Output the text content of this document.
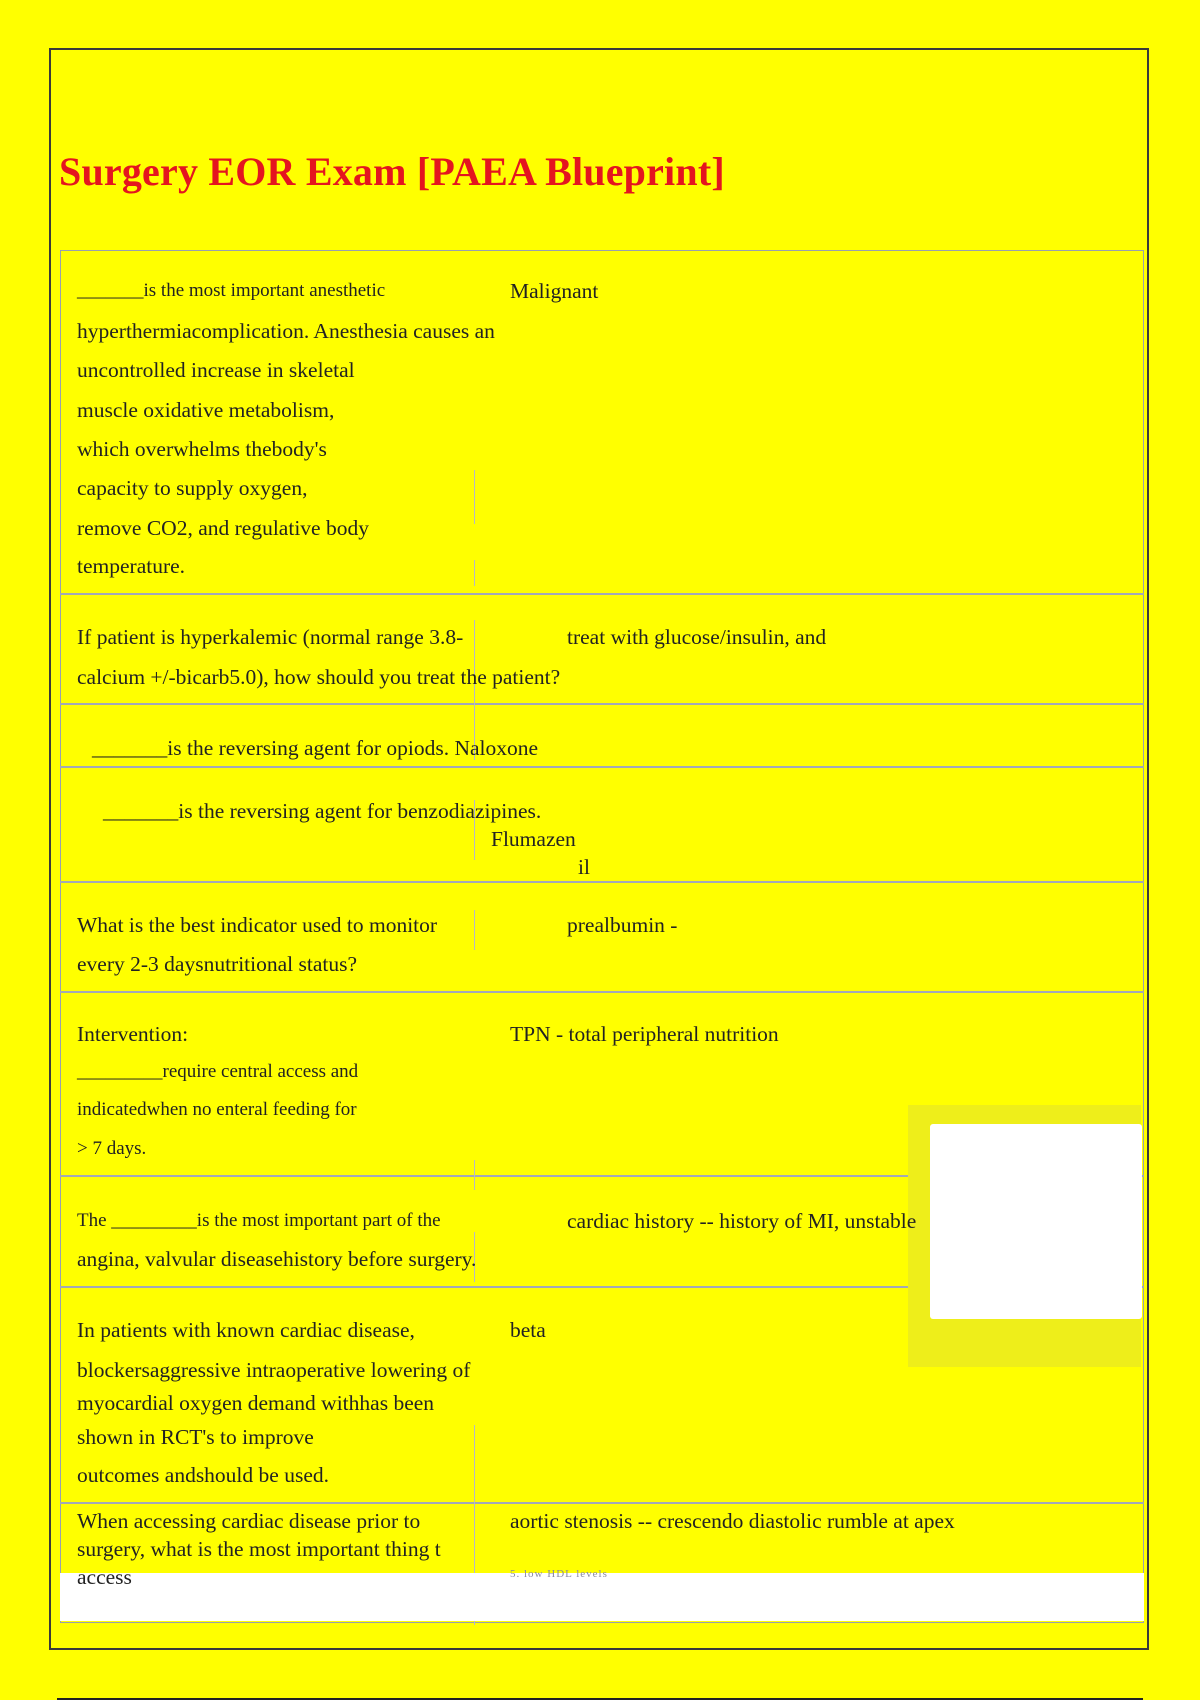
Surgery EOR Exam [PAEA Blueprint]
_______is the most important anesthetic
hyperthermiacomplication. Anesthesia causes an
uncontrolled increase in skeletal
muscle oxidative metabolism,
which overwhelms thebody's
capacity to supply oxygen,
remove CO2, and regulative body
temperature.
Malignant
If patient is hyperkalemic (normal range 3.8-
calcium +/-bicarb5.0), how should you treat the patient?
treat with glucose/insulin, and
_______is the reversing agent for opiods. Naloxone
_______is the reversing agent for benzodiazipines.
Flumazen
il
What is the best indicator used to monitor
every 2-3 daysnutritional status?
prealbumin -
Intervention:
_________require central access and
indicatedwhen no enteral feeding for
> 7 days.
TPN - total peripheral nutrition
The _________is the most important part of the
angina, valvular diseasehistory before surgery.
cardiac history -- history of MI, unstable
In patients with known cardiac disease,
blockersaggressive intraoperative lowering of
myocardial oxygen demand withhas been
shown in RCT's to improve
outcomes andshould be used.
beta
When accessing cardiac disease prior to
surgery, what is the most important thing t
access
aortic stenosis -- crescendo diastolic rumble at apex
5. low HDL levels
